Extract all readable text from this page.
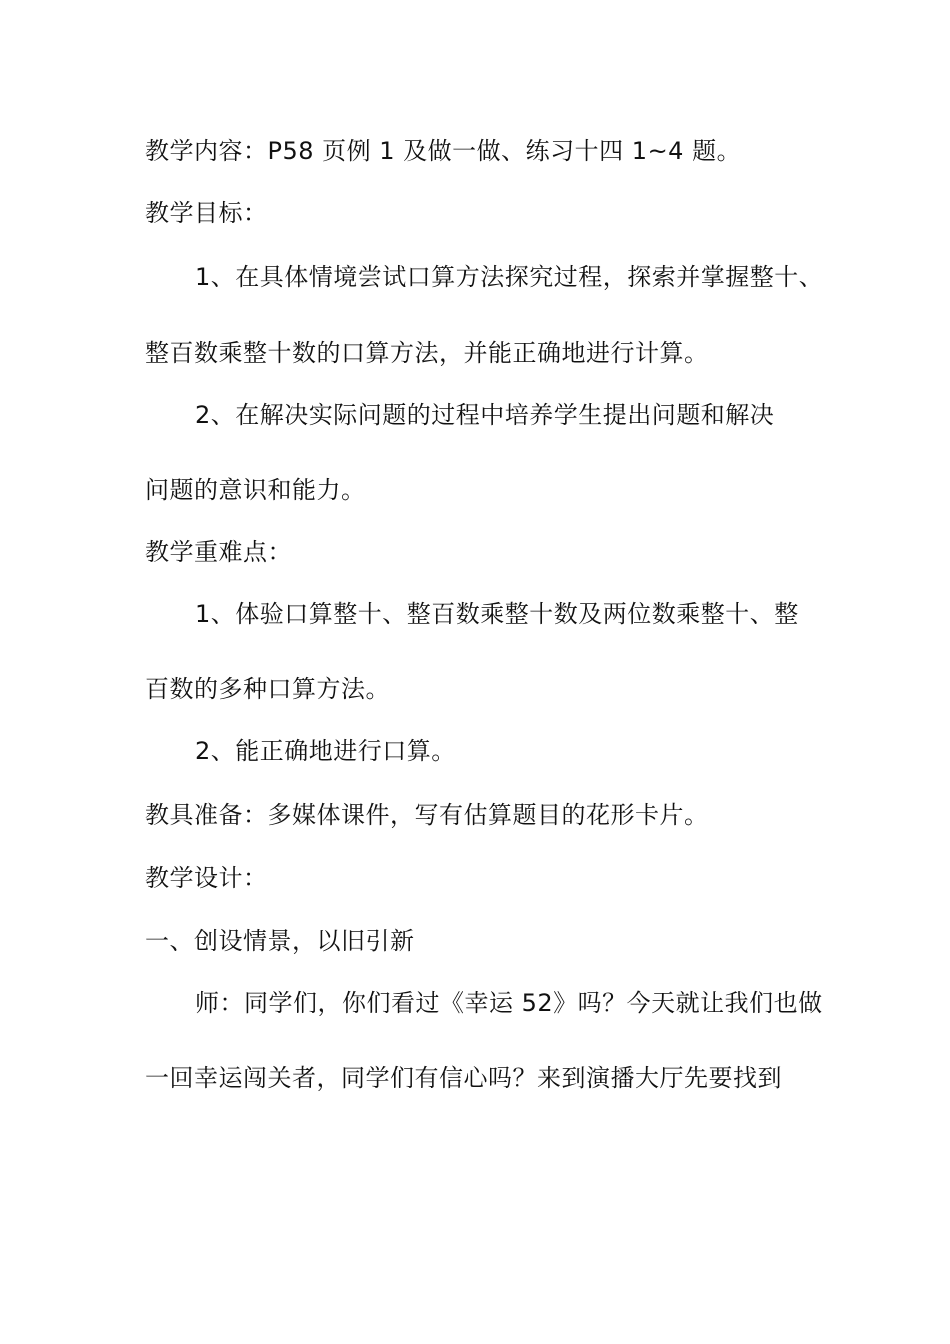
教学内容：P58 页例 1 及做一做、练习十四 1~4 题。
教学目标：
1、在具体情境尝试口算方法探究过程，探索并掌握整十、
整百数乘整十数的口算方法，并能正确地进行计算。
2、在解决实际问题的过程中培养学生提出问题和解决
问题的意识和能力。
教学重难点：
1、体验口算整十、整百数乘整十数及两位数乘整十、整
百数的多种口算方法。
2、能正确地进行口算。
教具准备：多媒体课件，写有估算题目的花形卡片。
教学设计：
一、创设情景，以旧引新
师：同学们，你们看过《幸运 52》吗？今天就让我们也做
一回幸运闯关者，同学们有信心吗？来到演播大厅先要找到
